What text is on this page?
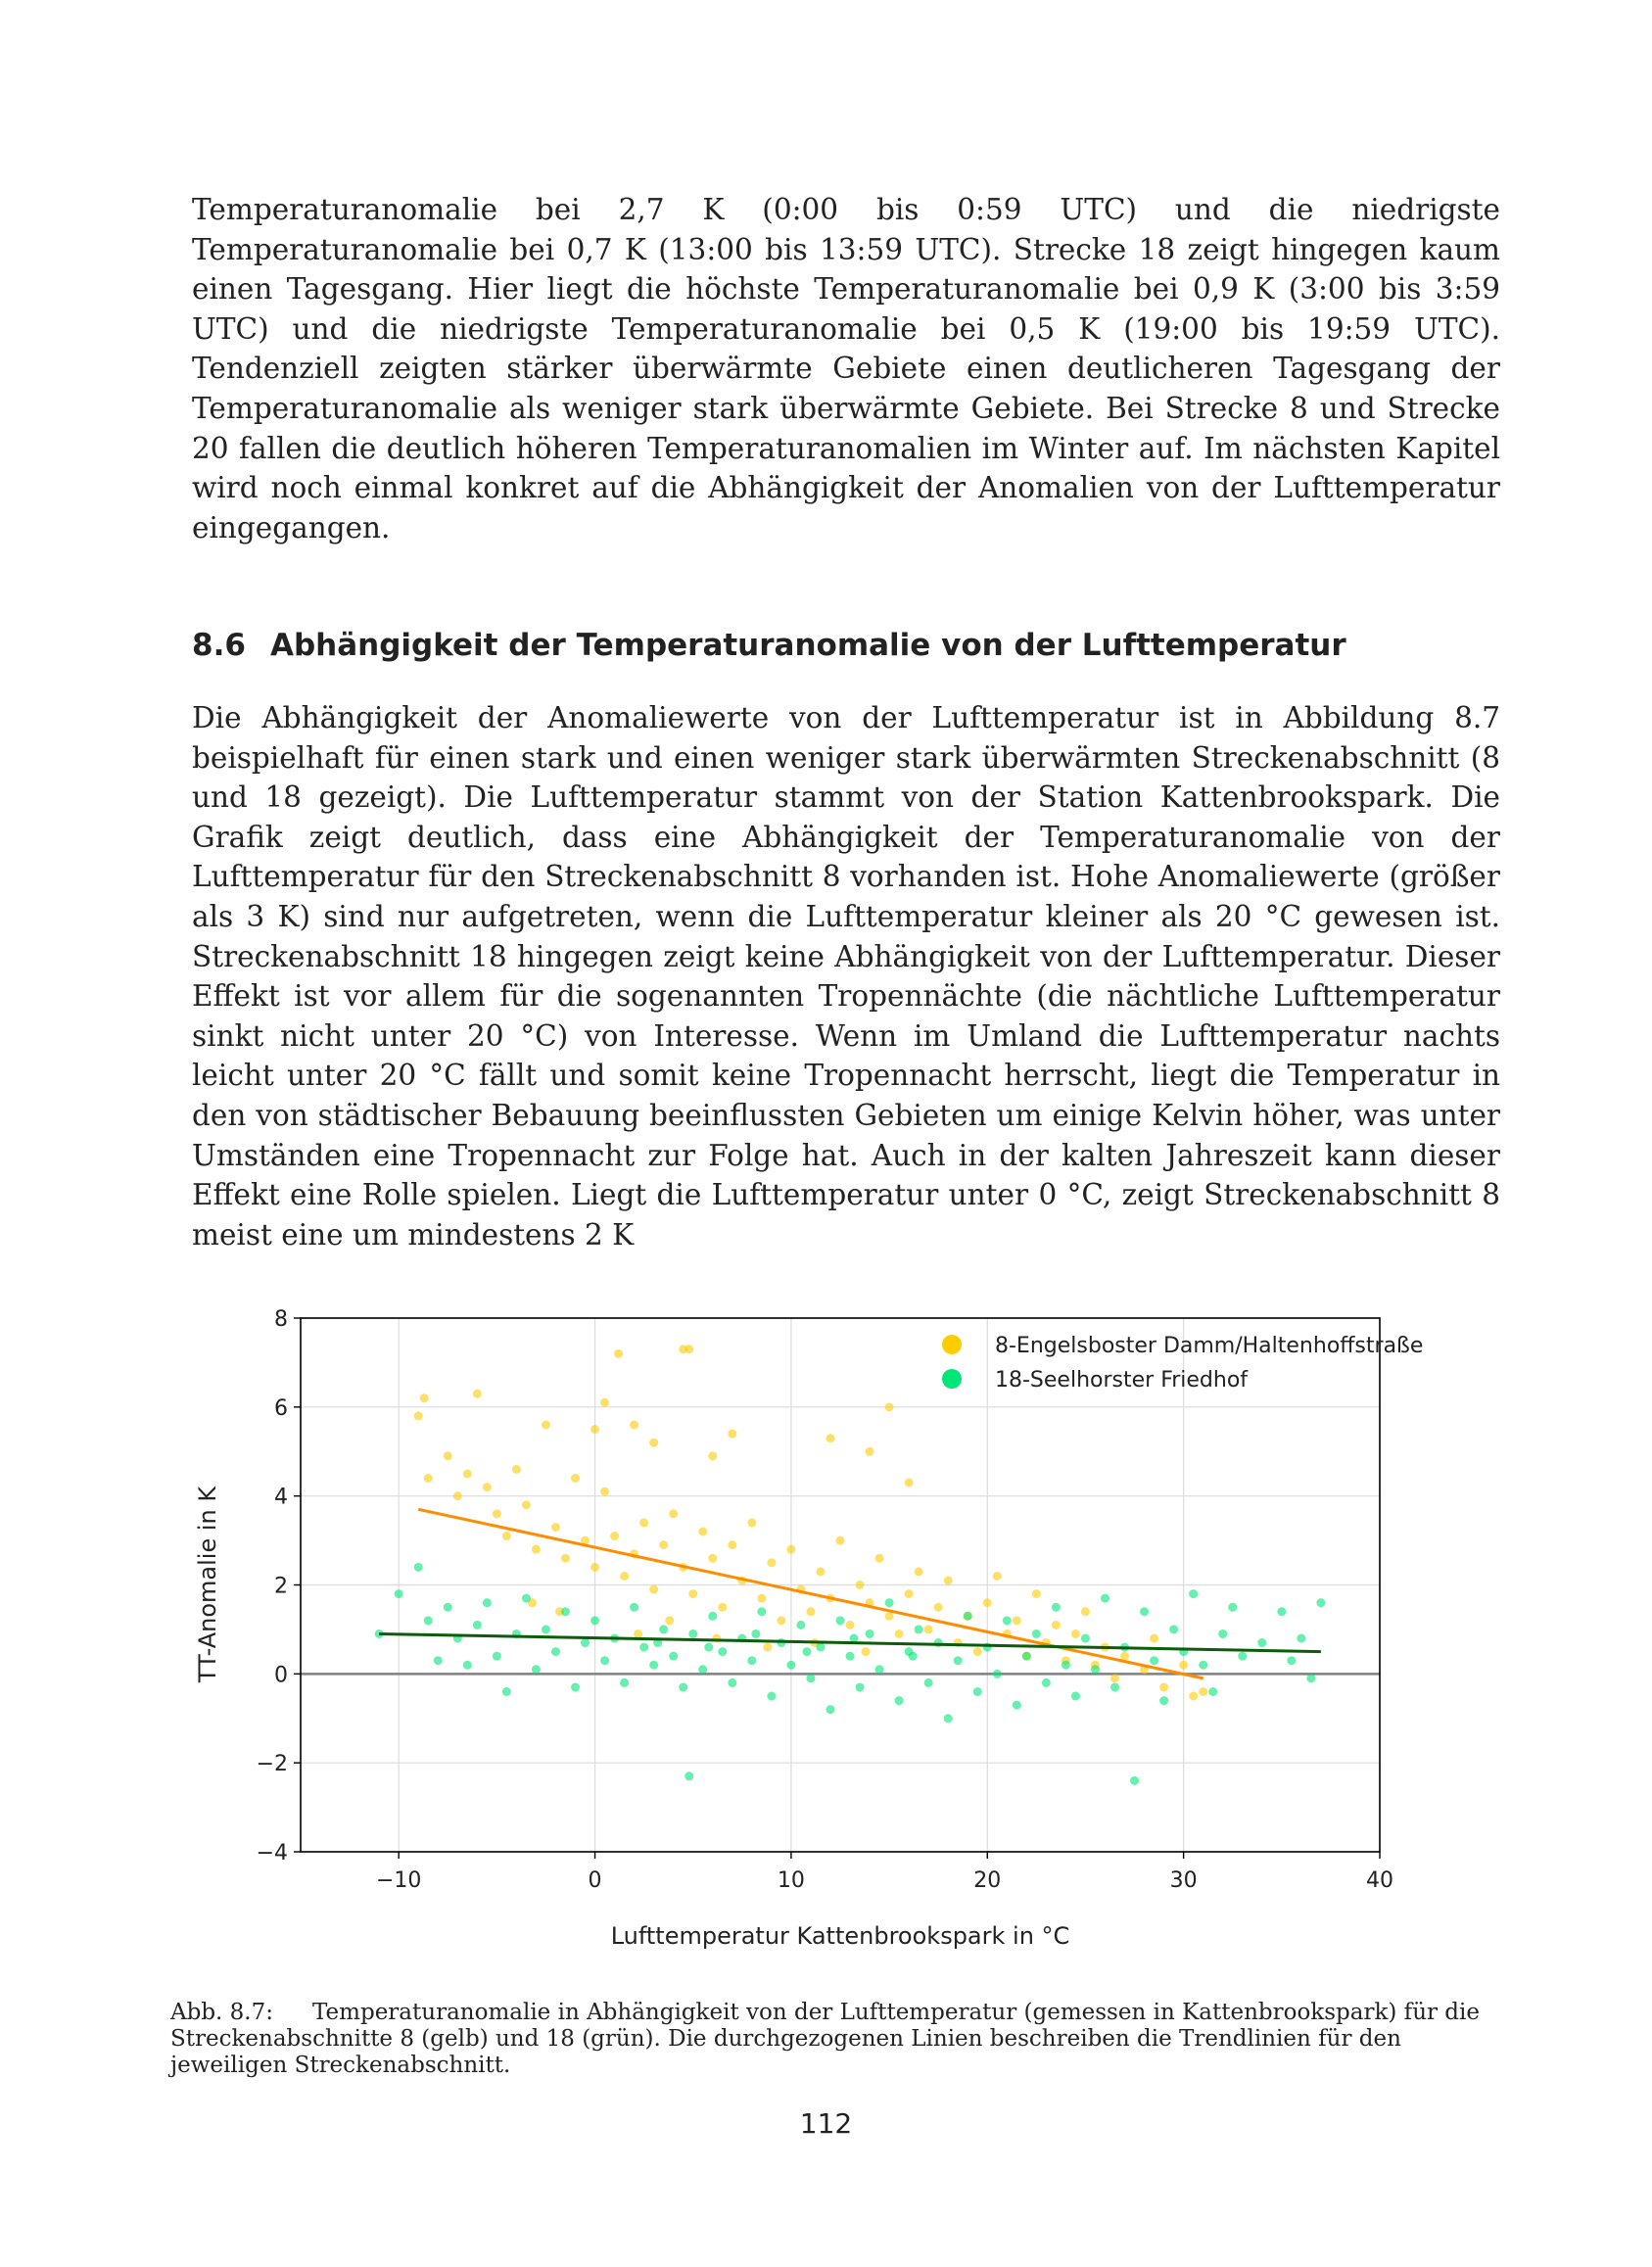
Temperaturanomalie bei 2,7 K (0:00 bis 0:59 UTC) und die niedrigste Temperaturanomalie bei 0,7 K (13:00 bis 13:59 UTC). Strecke 18 zeigt hingegen kaum einen Tagesgang. Hier liegt die höchste Temperaturanomalie bei 0,9 K (3:00 bis 3:59 UTC) und die niedrigste Temperaturanomalie bei 0,5 K (19:00 bis 19:59 UTC). Tendenziell zeigten stärker überwärmte Gebiete einen deutlicheren Tagesgang der Temperaturanomalie als weniger stark überwärmte Gebiete. Bei Strecke 8 und Strecke 20 fallen die deutlich höheren Temperaturanomalien im Winter auf. Im nächsten Kapitel wird noch einmal konkret auf die Abhängigkeit der Anomalien von der Lufttemperatur eingegangen.

8.6 Abhängigkeit der Temperaturanomalie von der Lufttemperatur

Die Abhängigkeit der Anomaliewerte von der Lufttemperatur ist in Abbildung 8.7 beispielhaft für einen stark und einen weniger stark überwärmten Streckenabschnitt (8 und 18 gezeigt). Die Lufttemperatur stammt von der Station Kattenbrookspark. Die Grafik zeigt deutlich, dass eine Abhängigkeit der Temperaturanomalie von der Lufttemperatur für den Streckenabschnitt 8 vorhanden ist. Hohe Anomaliewerte (größer als 3 K) sind nur aufgetreten, wenn die Lufttemperatur kleiner als 20 °C gewesen ist. Streckenabschnitt 18 hingegen zeigt keine Abhängigkeit von der Lufttemperatur. Dieser Effekt ist vor allem für die sogenannten Tropennächte (die nächtliche Lufttemperatur sinkt nicht unter 20 °C) von Interesse. Wenn im Umland die Lufttemperatur nachts leicht unter 20 °C fällt und somit keine Tropennacht herrscht, liegt die Temperatur in den von städtischer Bebauung beeinflussten Gebieten um einige Kelvin höher, was unter Umständen eine Tropennacht zur Folge hat. Auch in der kalten Jahreszeit kann dieser Effekt eine Rolle spielen. Liegt die Lufttemperatur unter 0 °C, zeigt Streckenabschnitt 8 meist eine um mindestens 2 K

−10	0	10	20	30	40
−4
−2
0
2
4
6
8
Lufttemperatur Kattenbrookspark in °C
TT-Anomalie in K
8-Engelsboster Damm/Haltenhoffstraße
18-Seelhorster Friedhof

Abb. 8.7: Temperaturanomalie in Abhängigkeit von der Lufttemperatur (gemessen in Kattenbrookspark) für die Streckenabschnitte 8 (gelb) und 18 (grün). Die durchgezogenen Linien beschreiben die Trendlinien für den jeweiligen Streckenabschnitt.

112
